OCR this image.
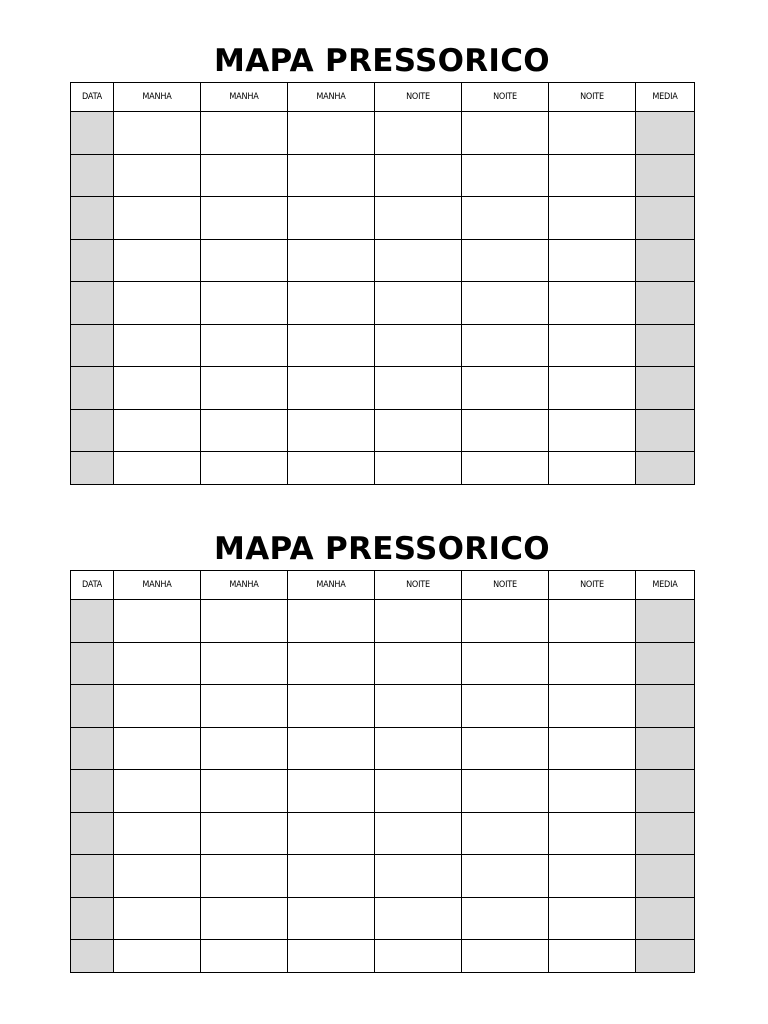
MAPA PRESSORICO
DATA	MANHA	MANHA	MANHA	NOITE	NOITE	NOITE	MEDIA

MAPA PRESSORICO
DATA	MANHA	MANHA	MANHA	NOITE	NOITE	NOITE	MEDIA
